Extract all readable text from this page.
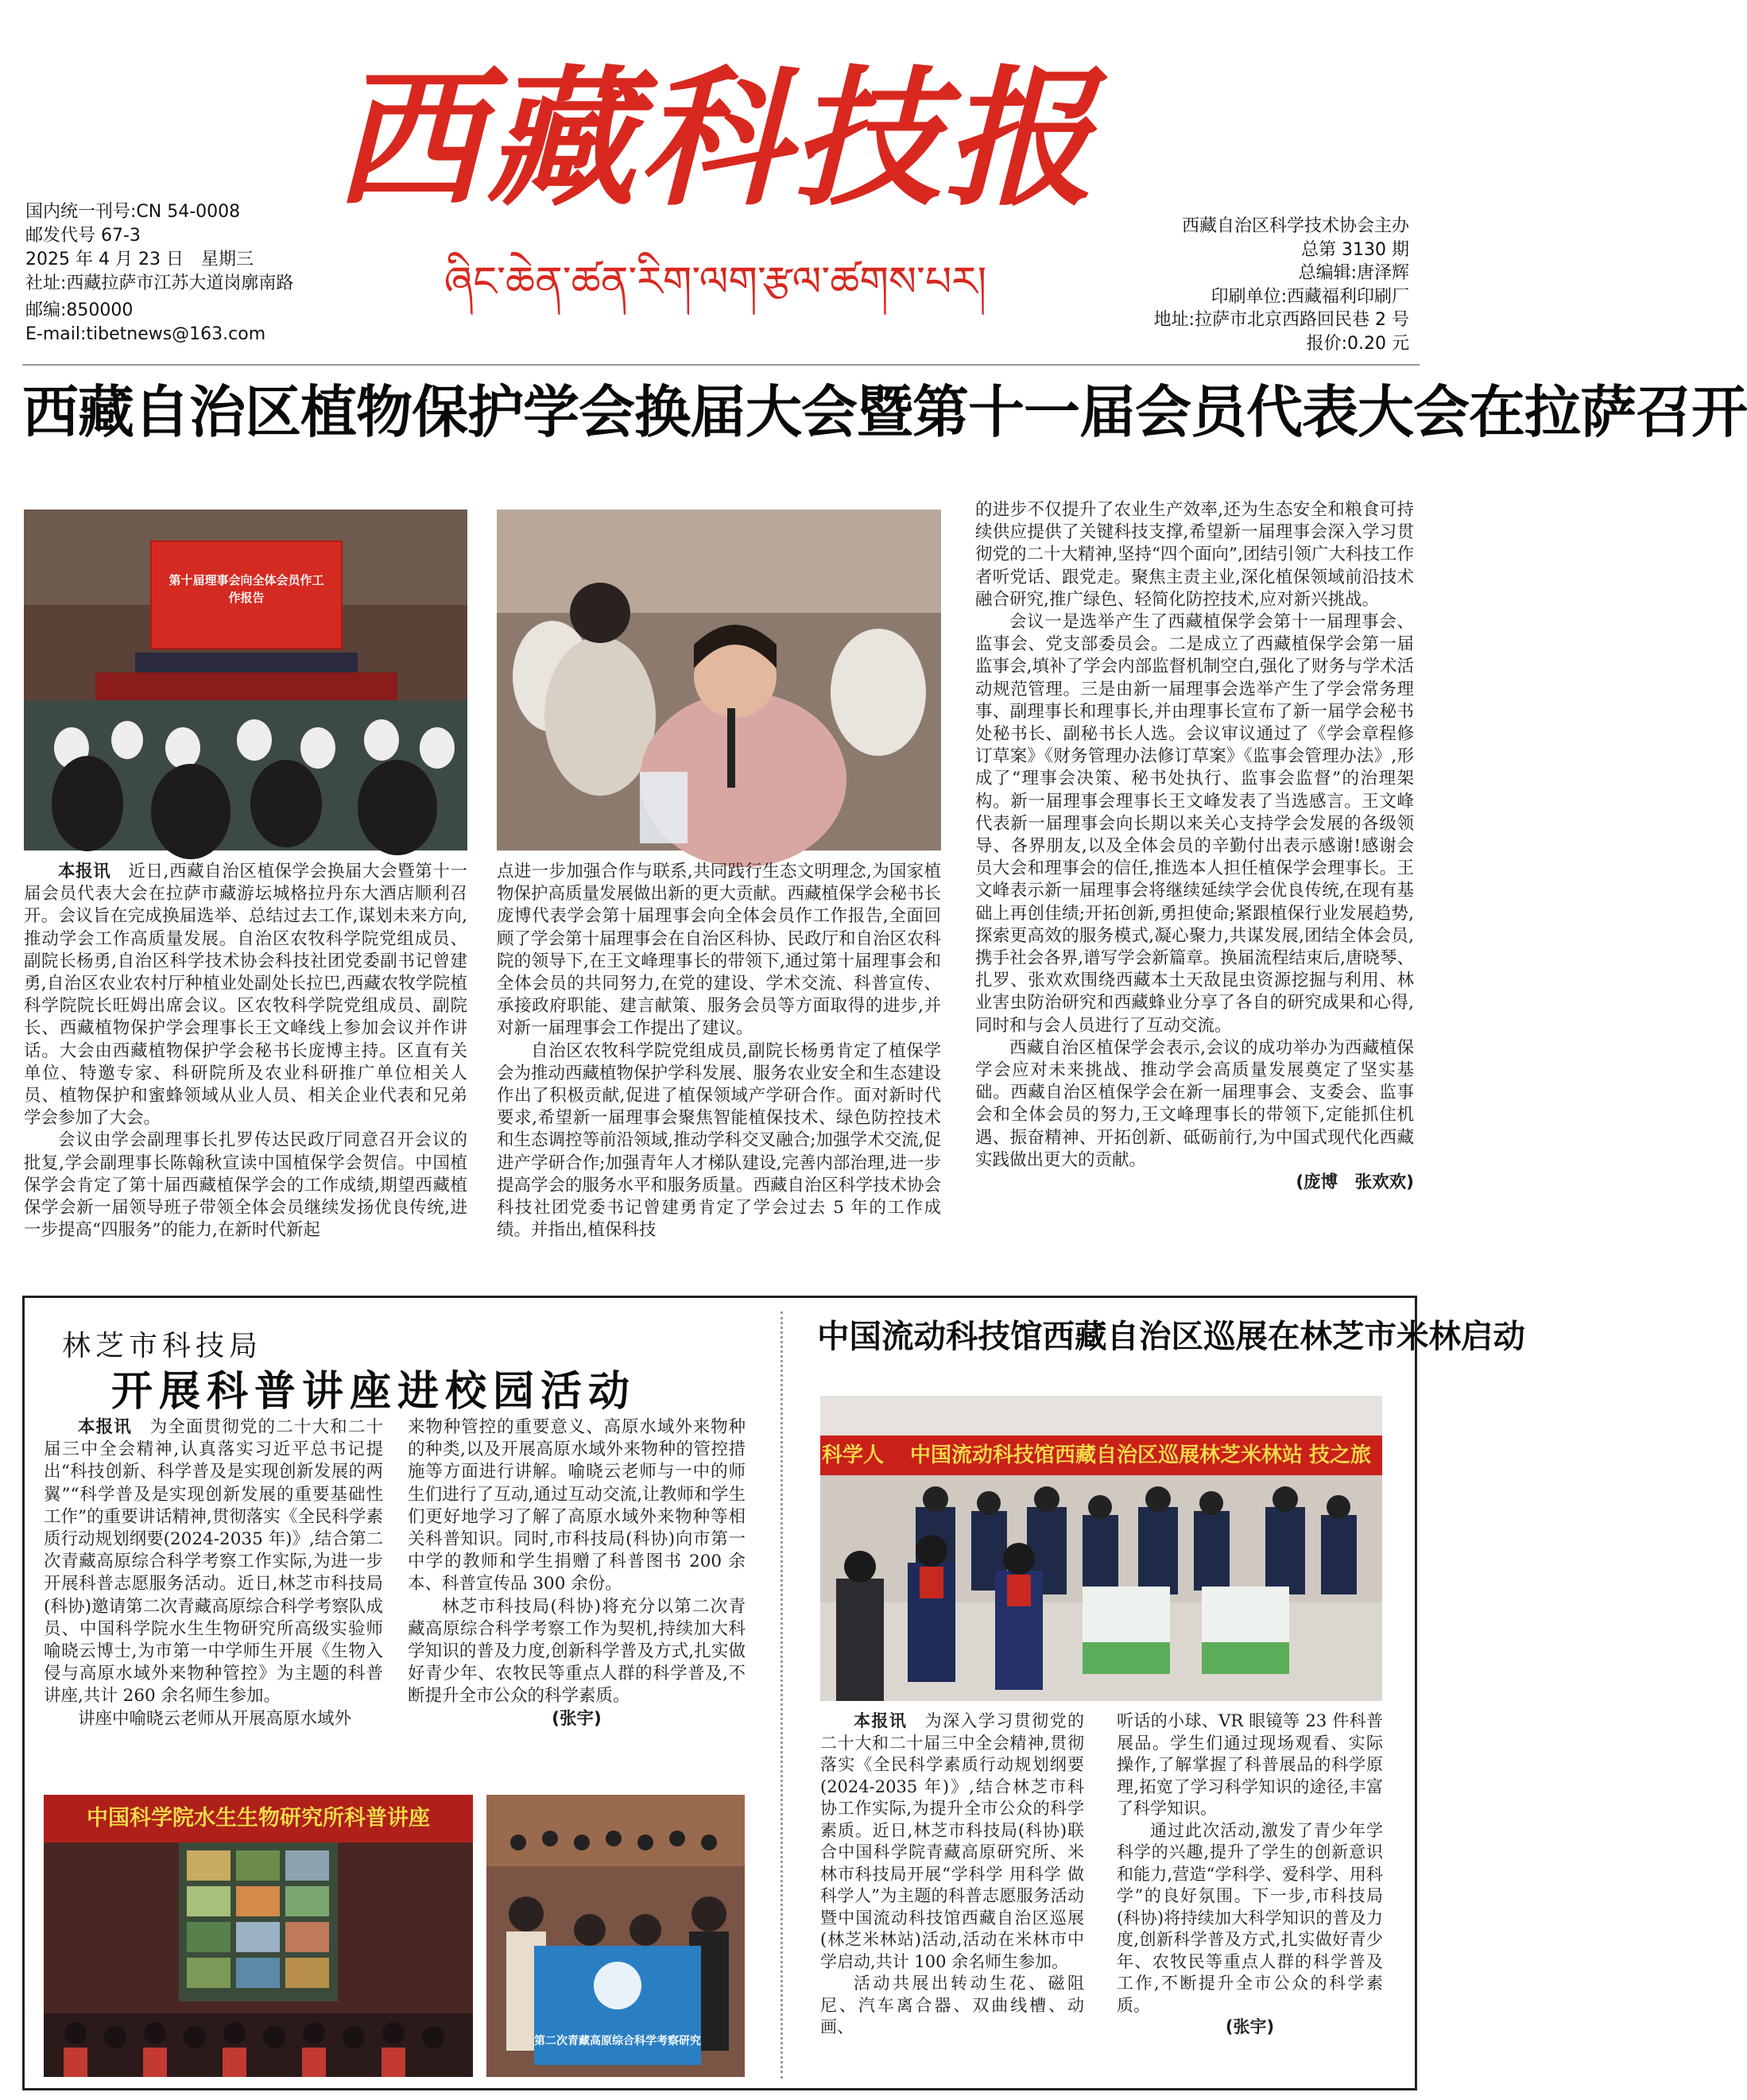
西藏科技报
ཞིང་ཆེན་ཚན་རིག་ལག་རྩལ་ཚགས་པར།
国内统一刊号:CN 54-0008
邮发代号 67-3
2025 年 4 月 23 日　星期三
社址:西藏拉萨市江苏大道岗廓南路
邮编:850000
E-mail:tibetnews@163.com
西藏自治区科学技术协会主办
总第 3130 期
总编辑:唐泽辉
印刷单位:西藏福利印刷厂
地址:拉萨市北京西路回民巷 2 号
报价:0.20 元
西藏自治区植物保护学会换届大会暨第十一届会员代表大会在拉萨召开
第十届理事会向全体会员作工作报告

本报讯　 近日,西藏自治区植保学会换届大会暨第十一届会员代表大会在拉萨市藏游坛城格拉丹东大酒店顺利召开。会议旨在完成换届选举、总结过去工作,谋划未来方向,推动学会工作高质量发展。自治区农牧科学院党组成员、副院长杨勇,自治区科学技术协会科技社团党委副书记曾建勇,自治区农业农村厅种植业处副处长拉巴,西藏农牧学院植科学院院长旺姆出席会议。区农牧科学院党组成员、副院长、西藏植物保护学会理事长王文峰线上参加会议并作讲话。大会由西藏植物保护学会秘书长庞博主持。区直有关单位、特邀专家、科研院所及农业科研推广单位相关人员、植物保护和蜜蜂领域从业人员、相关企业代表和兄弟学会参加了大会。

会议由学会副理事长扎罗传达民政厅同意召开会议的批复,学会副理事长陈翰秋宣读中国植保学会贺信。中国植保学会肯定了第十届西藏植保学会的工作成绩,期望西藏植保学会新一届领导班子带领全体会员继续发扬优良传统,进一步提高“四服务”的能力,在新时代新起

点进一步加强合作与联系,共同践行生态文明理念,为国家植物保护高质量发展做出新的更大贡献。西藏植保学会秘书长庞博代表学会第十届理事会向全体会员作工作报告,全面回顾了学会第十届理事会在自治区科协、民政厅和自治区农科院的领导下,在王文峰理事长的带领下,通过第十届理事会和全体会员的共同努力,在党的建设、学术交流、科普宣传、承接政府职能、建言献策、服务会员等方面取得的进步,并对新一届理事会工作提出了建议。

自治区农牧科学院党组成员,副院长杨勇肯定了植保学会为推动西藏植物保护学科发展、服务农业安全和生态建设作出了积极贡献,促进了植保领域产学研合作。面对新时代要求,希望新一届理事会聚焦智能植保技术、绿色防控技术和生态调控等前沿领域,推动学科交叉融合;加强学术交流,促进产学研合作;加强青年人才梯队建设,完善内部治理,进一步提高学会的服务水平和服务质量。西藏自治区科学技术协会科技社团党委书记曾建勇肯定了学会过去 5 年的工作成绩。并指出,植保科技

的进步不仅提升了农业生产效率,还为生态安全和粮食可持续供应提供了关键科技支撑,希望新一届理事会深入学习贯彻党的二十大精神,坚持“四个面向”,团结引领广大科技工作者听党话、跟党走。聚焦主责主业,深化植保领域前沿技术融合研究,推广绿色、轻简化防控技术,应对新兴挑战。

会议一是选举产生了西藏植保学会第十一届理事会、监事会、党支部委员会。二是成立了西藏植保学会第一届监事会,填补了学会内部监督机制空白,强化了财务与学术活动规范管理。三是由新一届理事会选举产生了学会常务理事、副理事长和理事长,并由理事长宣布了新一届学会秘书处秘书长、副秘书长人选。会议审议通过了《学会章程修订草案》《财务管理办法修订草案》《监事会管理办法》,形成了“理事会决策、秘书处执行、监事会监督”的治理架构。新一届理事会理事长王文峰发表了当选感言。王文峰代表新一届理事会向长期以来关心支持学会发展的各级领导、各界朋友,以及全体会员的辛勤付出表示感谢!感谢会员大会和理事会的信任,推选本人担任植保学会理事长。王文峰表示新一届理事会将继续延续学会优良传统,在现有基础上再创佳绩;开拓创新,勇担使命;紧跟植保行业发展趋势,探索更高效的服务模式,凝心聚力,共谋发展,团结全体会员,携手社会各界,谱写学会新篇章。换届流程结束后,唐晓琴、扎罗、张欢欢围绕西藏本土天敌昆虫资源挖掘与利用、林业害虫防治研究和西藏蜂业分享了各自的研究成果和心得,同时和与会人员进行了互动交流。

西藏自治区植保学会表示,会议的成功举办为西藏植保学会应对未来挑战、推动学会高质量发展奠定了坚实基础。西藏自治区植保学会在新一届理事会、支委会、监事会和全体会员的努力,王文峰理事长的带领下,定能抓住机遇、振奋精神、开拓创新、砥砺前行,为中国式现代化西藏实践做出更大的贡献。

(庞博　张欢欢)
林芝市科技局
开展科普讲座进校园活动

本报讯　 为全面贯彻党的二十大和二十届三中全会精神,认真落实习近平总书记提出“科技创新、科学普及是实现创新发展的两翼”“科学普及是实现创新发展的重要基础性工作”的重要讲话精神,贯彻落实《全民科学素质行动规划纲要(2024-2035 年)》,结合第二次青藏高原综合科学考察工作实际,为进一步开展科普志愿服务活动。近日,林芝市科技局(科协)邀请第二次青藏高原综合科学考察队成员、中国科学院水生生物研究所高级实验师喻晓云博士,为市第一中学师生开展《生物入侵与高原水域外来物种管控》为主题的科普讲座,共计 260 余名师生参加。

讲座中喻晓云老师从开展高原水域外

来物种管控的重要意义、高原水域外来物种的种类,以及开展高原水域外来物种的管控措施等方面进行讲解。喻晓云老师与一中的师生们进行了互动,通过互动交流,让教师和学生们更好地学习了解了高原水域外来物种等相关科普知识。同时,市科技局(科协)向市第一中学的教师和学生捐赠了科普图书 200 余本、科普宣传品 300 余份。

林芝市科技局(科协)将充分以第二次青藏高原综合科学考察工作为契机,持续加大科学知识的普及力度,创新科学普及方式,扎实做好青少年、农牧民等重点人群的科学普及,不断提升全市公众的科学素质。

(张宇)
中国科学院水生生物研究所科普讲座
第二次青藏高原综合科学考察研究
中国流动科技馆西藏自治区巡展在林芝市米林启动
科学人	中国流动科技馆西藏自治区巡展林芝米林站 技之旅

本报讯　 为深入学习贯彻党的二十大和二十届三中全会精神,贯彻落实《全民科学素质行动规划纲要(2024-2035 年)》,结合林芝市科协工作实际,为提升全市公众的科学素质。近日,林芝市科技局(科协)联合中国科学院青藏高原研究所、米林市科技局开展“学科学 用科学 做科学人”为主题的科普志愿服务活动暨中国流动科技馆西藏自治区巡展(林芝米林站)活动,活动在米林市中学启动,共计 100 余名师生参加。

活动共展出转动生花、磁阻尼、汽车离合器、双曲线槽、动画、

听话的小球、VR 眼镜等 23 件科普展品。学生们通过现场观看、实际操作,了解掌握了科普展品的科学原理,拓宽了学习科学知识的途径,丰富了科学知识。

通过此次活动,激发了青少年学科学的兴趣,提升了学生的创新意识和能力,营造“学科学、爱科学、用科学”的良好氛围。下一步,市科技局(科协)将持续加大科学知识的普及力度,创新科学普及方式,扎实做好青少年、农牧民等重点人群的科学普及工作,不断提升全市公众的科学素质。

(张宇)
